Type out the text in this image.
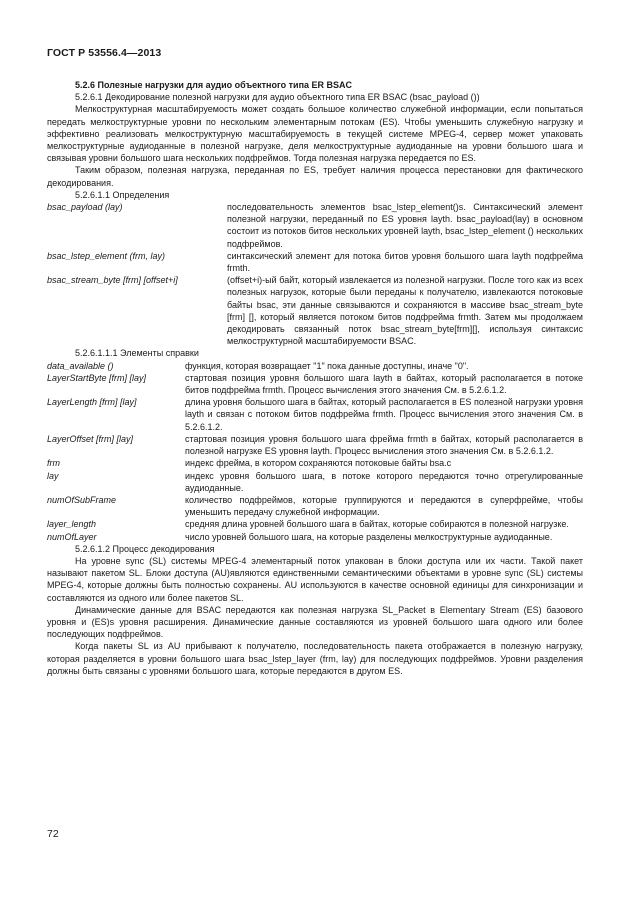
ГОСТ Р 53556.4—2013

5.2.6 Полезные нагрузки для аудио объектного типа ER BSAC

5.2.6.1 Декодирование полезной нагрузки для аудио объектного типа ER BSAC (bsac_payload ())

Мелкоструктурная масштабируемость может создать большое количество служебной информации, если попытаться передать мелкоструктурные уровни по нескольким элементарным потокам (ES). Чтобы уменьшить служебную нагрузку и эффективно реализовать мелкоструктурную масштабируемость в текущей системе MPEG-4, сервер может упаковать мелкоструктурные аудиоданные в полезной нагрузке, деля мелкоструктурные аудиоданные на уровни большого шага и связывая уровни большого шага нескольких подфреймов. Тогда полезная нагрузка передается по ES.

Таким образом, полезная нагрузка, переданная по ES, требует наличия процесса перестановки для фактического декодирования.

5.2.6.1.1 Определения

bsac_payload (lay)	последовательность элементов bsac_lstep_element()s. Синтаксический элемент полезной нагрузки, переданный по ES уровня layth. bsac_payload(lay) в основном состоит из потоков битов нескольких уровней layth, bsac_lstep_element () нескольких подфреймов.
bsac_lstep_element (frm, lay)	синтаксический элемент для потока битов уровня большого шага layth подфрейма frmth.
bsac_stream_byte [frm] [offset+i]	(offset+i)-ый байт, который извлекается из полезной нагрузки. После того как из всех полезных нагрузок, которые были переданы к получателю, извлекаются потоковые байты bsac, эти данные связываются и сохраняются в массиве bsac_stream_byte [frm] [], который является потоком битов подфрейма frmth. Затем мы продолжаем декодировать связанный поток bsac_stream_byte[frm][], используя синтаксис мелкоструктурной масштабируемости BSAC.

5.2.6.1.1.1 Элементы справки

data_available ()	функция, которая возвращает "1" пока данные доступны, иначе "0".
LayerStartByte [frm] [lay]	стартовая позиция уровня большого шага layth в байтах, который располагается в потоке битов подфрейма frmth. Процесс вычисления этого значения См. в 5.2.6.1.2.
LayerLength [frm] [lay]	длина уровня большого шага в байтах, который располагается в ES полезной нагрузки уровня layth и связан с потоком битов подфрейма frmth. Процесс вычисления этого значения См. в 5.2.6.1.2.
LayerOffset [frm] [lay]	стартовая позиция уровня большого шага фрейма frmth в байтах, который располагается в полезной нагрузке ES уровня layth. Процесс вычисления этого значения См. в 5.2.6.1.2.
frm	индекс фрейма, в котором сохраняются потоковые байты bsa.c
lay	индекс уровня большого шага, в потоке которого передаются точно отрегулированные аудиоданные.
numOfSubFrame	количество подфреймов, которые группируются и передаются в суперфрейме, чтобы уменьшить передачу служебной информации.
layer_length	средняя длина уровней большого шага в байтах, которые собираются в полезной нагрузке.
numOfLayer	число уровней большого шага, на которые разделены мелкоструктурные аудиоданные.

5.2.6.1.2 Процесс декодирования

На уровне sync (SL) системы MPEG-4 элементарный поток упакован в блоки доступа или их части. Такой пакет называют пакетом SL. Блоки доступа (AU)являются единственными семантическими объектами в уровне sync (SL) системы MPEG-4, которые должны быть полностью сохранены. AU используются в качестве основной единицы для синхронизации и составляются из одного или более пакетов SL.

Динамические данные для BSAC передаются как полезная нагрузка SL_Packet в Elementary Stream (ES) базового уровня и (ES)s уровня расширения. Динамические данные составляются из уровней большого шага одного или более последующих подфреймов.

Когда пакеты SL из AU прибывают к получателю, последовательность пакета отображается в полезную нагрузку, которая разделяется в уровни большого шага bsac_lstep_layer (frm, lay) для последующих подфреймов. Уровни разделения должны быть связаны с уровнями большого шага, которые передаются в другом ES.

72
